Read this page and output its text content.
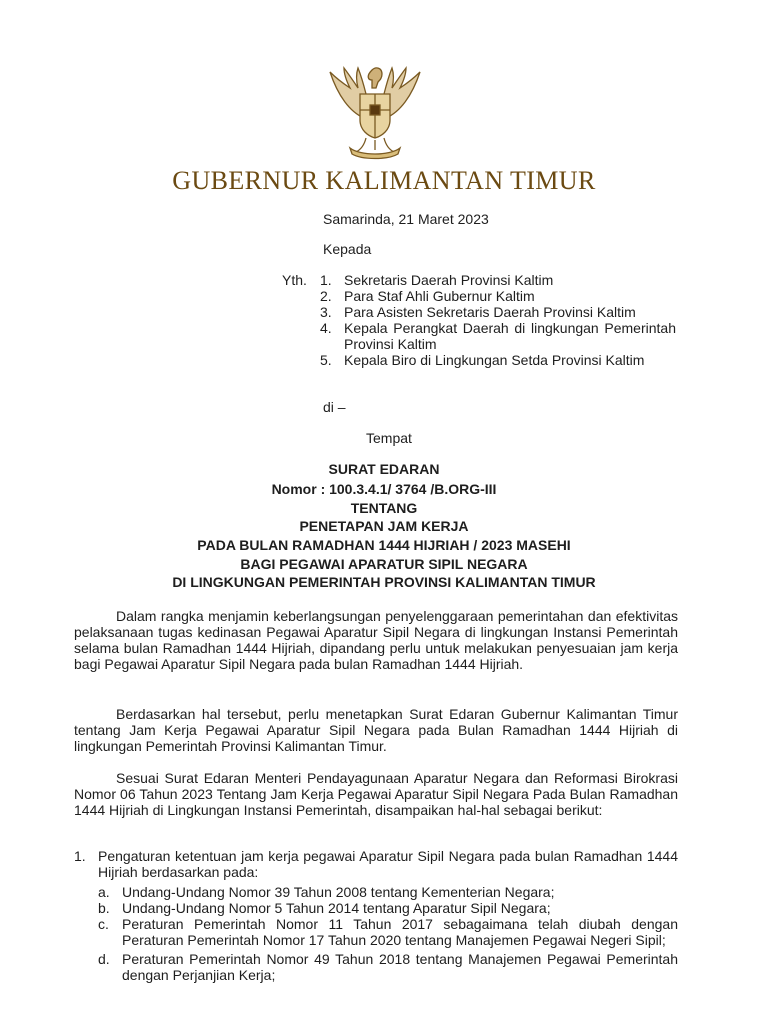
GUBERNUR KALIMANTAN TIMUR
Samarinda, 21 Maret 2023
Kepada
Yth. 1. Sekretaris Daerah Provinsi Kaltim
2. Para Staf Ahli Gubernur Kaltim
3. Para Asisten Sekretaris Daerah Provinsi Kaltim
4. Kepala Perangkat Daerah di lingkungan Pemerintah Provinsi Kaltim
5. Kepala Biro di Lingkungan Setda Provinsi Kaltim
di –
Tempat
SURAT EDARAN
Nomor : 100.3.4.1/ 3764 /B.ORG-III
TENTANG
PENETAPAN JAM KERJA
PADA BULAN RAMADHAN 1444 HIJRIAH / 2023 MASEHI
BAGI PEGAWAI APARATUR SIPIL NEGARA
DI LINGKUNGAN PEMERINTAH PROVINSI KALIMANTAN TIMUR

Dalam rangka menjamin keberlangsungan penyelenggaraan pemerintahan dan efektivitas pelaksanaan tugas kedinasan Pegawai Aparatur Sipil Negara di lingkungan Instansi Pemerintah selama bulan Ramadhan 1444 Hijriah, dipandang perlu untuk melakukan penyesuaian jam kerja bagi Pegawai Aparatur Sipil Negara pada bulan Ramadhan 1444 Hijriah.

Berdasarkan hal tersebut, perlu menetapkan Surat Edaran Gubernur Kalimantan Timur tentang Jam Kerja Pegawai Aparatur Sipil Negara pada Bulan Ramadhan 1444 Hijriah di lingkungan Pemerintah Provinsi Kalimantan Timur.

Sesuai Surat Edaran Menteri Pendayagunaan Aparatur Negara dan Reformasi Birokrasi Nomor 06 Tahun 2023 Tentang Jam Kerja Pegawai Aparatur Sipil Negara Pada Bulan Ramadhan 1444 Hijriah di Lingkungan Instansi Pemerintah, disampaikan hal-hal sebagai berikut:

1. Pengaturan ketentuan jam kerja pegawai Aparatur Sipil Negara pada bulan Ramadhan 1444 Hijriah berdasarkan pada:
a. Undang-Undang Nomor 39 Tahun 2008 tentang Kementerian Negara;
b. Undang-Undang Nomor 5 Tahun 2014 tentang Aparatur Sipil Negara;
c. Peraturan Pemerintah Nomor 11 Tahun 2017 sebagaimana telah diubah dengan Peraturan Pemerintah Nomor 17 Tahun 2020 tentang Manajemen Pegawai Negeri Sipil;
d. Peraturan Pemerintah Nomor 49 Tahun 2018 tentang Manajemen Pegawai Pemerintah dengan Perjanjian Kerja;
